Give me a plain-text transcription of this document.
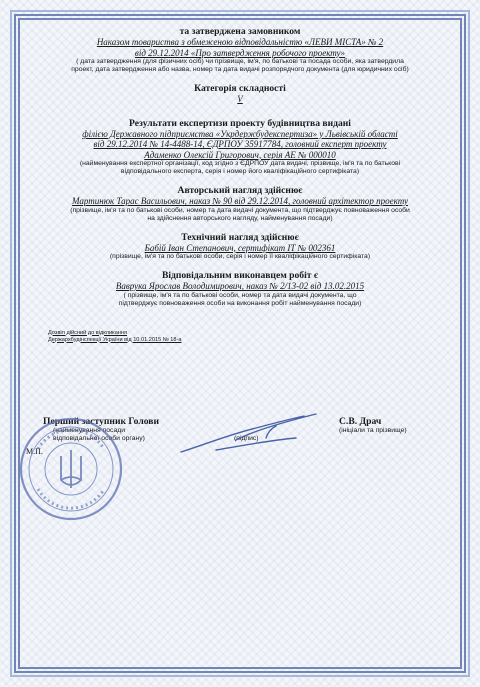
та затверджена замовником
Наказом товариства з обмеженою відповідальністю «ЛЕВИ МІСТА» № 2
від 29.12.2014 «Про затвердження робочого проекту»
( дата затвердження (для фізичних осіб) чи прізвище, ім'я, по батькові та посада особи, яка затвердила
проект, дата затвердження або назва, номер та дата видачі розпорядчого документа (для юридичних осіб)
Категорія складності
V
Результати експертизи проекту будівництва видані
філією Державного підприємства «Укрдержбудекспертиза» у Львівській області
від 29.12.2014 № 14-4488-14, ЄДРПОУ 35917784, головний експерт проекту
Адаменко Олексій Григорович, серія АЕ № 000010
(найменування експертної організації, код згідно з ЄДРПОУ дата видачі, прізвище, ім'я та по батькові
відповідального експерта, серія і номер його кваліфікаційного сертифіката)
Авторський нагляд здійснює
Мартинюк Тарас Васильович, наказ № 90 від 29.12.2014, головний архітектор проекту
(прізвище, ім'я та по батькові особи, номер та дата видачі документа, що підтверджує повноваження особи
на здійснення авторського нагляду, найменування посади)
Технічний нагляд здійснює
Бабій Іван Степанович, сертифікат ІТ № 002361
(прізвище, ім'я та по батькові особи, серія і номер її кваліфікаційного сертифіката)
Відповідальним виконавцем робіт є
Ваврука Ярослав Володимирович, наказ № 2/13-02 від 13.02.2015
( прізвище, ім'я та по батькові особи, номер та дата видачі документа, що
підтверджує повноваження особи на виконання робіт найменування посади)
Дозвіл дійсний до відкликання
Держархбудінспекції України від 10.01.2015 № 18-а
Перший заступник Голови
(найменування посади
відповідальної особи органу)	(підпис)
С.В. Драч
(ініціали та прізвище)
М.П.
